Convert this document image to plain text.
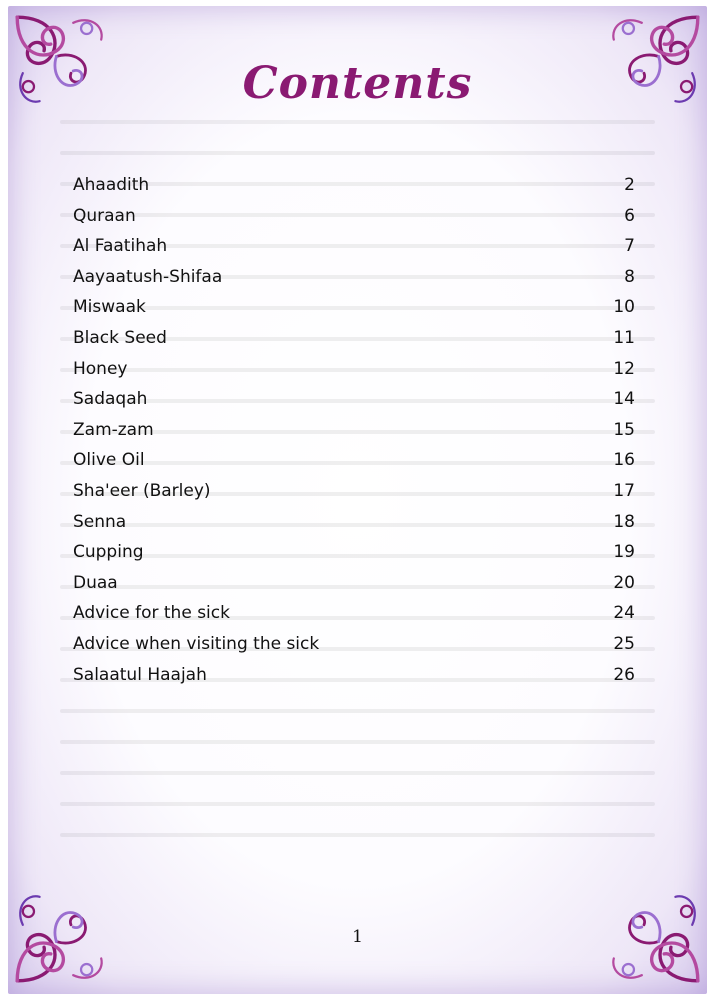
Contents
Ahaadith	2
Quraan	6
Al Faatihah	7
Aayaatush-Shifaa	8
Miswaak	10
Black Seed	11
Honey	12
Sadaqah	14
Zam-zam	15
Olive Oil	16
Sha'eer (Barley)	17
Senna	18
Cupping	19
Duaa	20
Advice for the sick	24
Advice when visiting the sick	25
Salaatul Haajah	26
1
